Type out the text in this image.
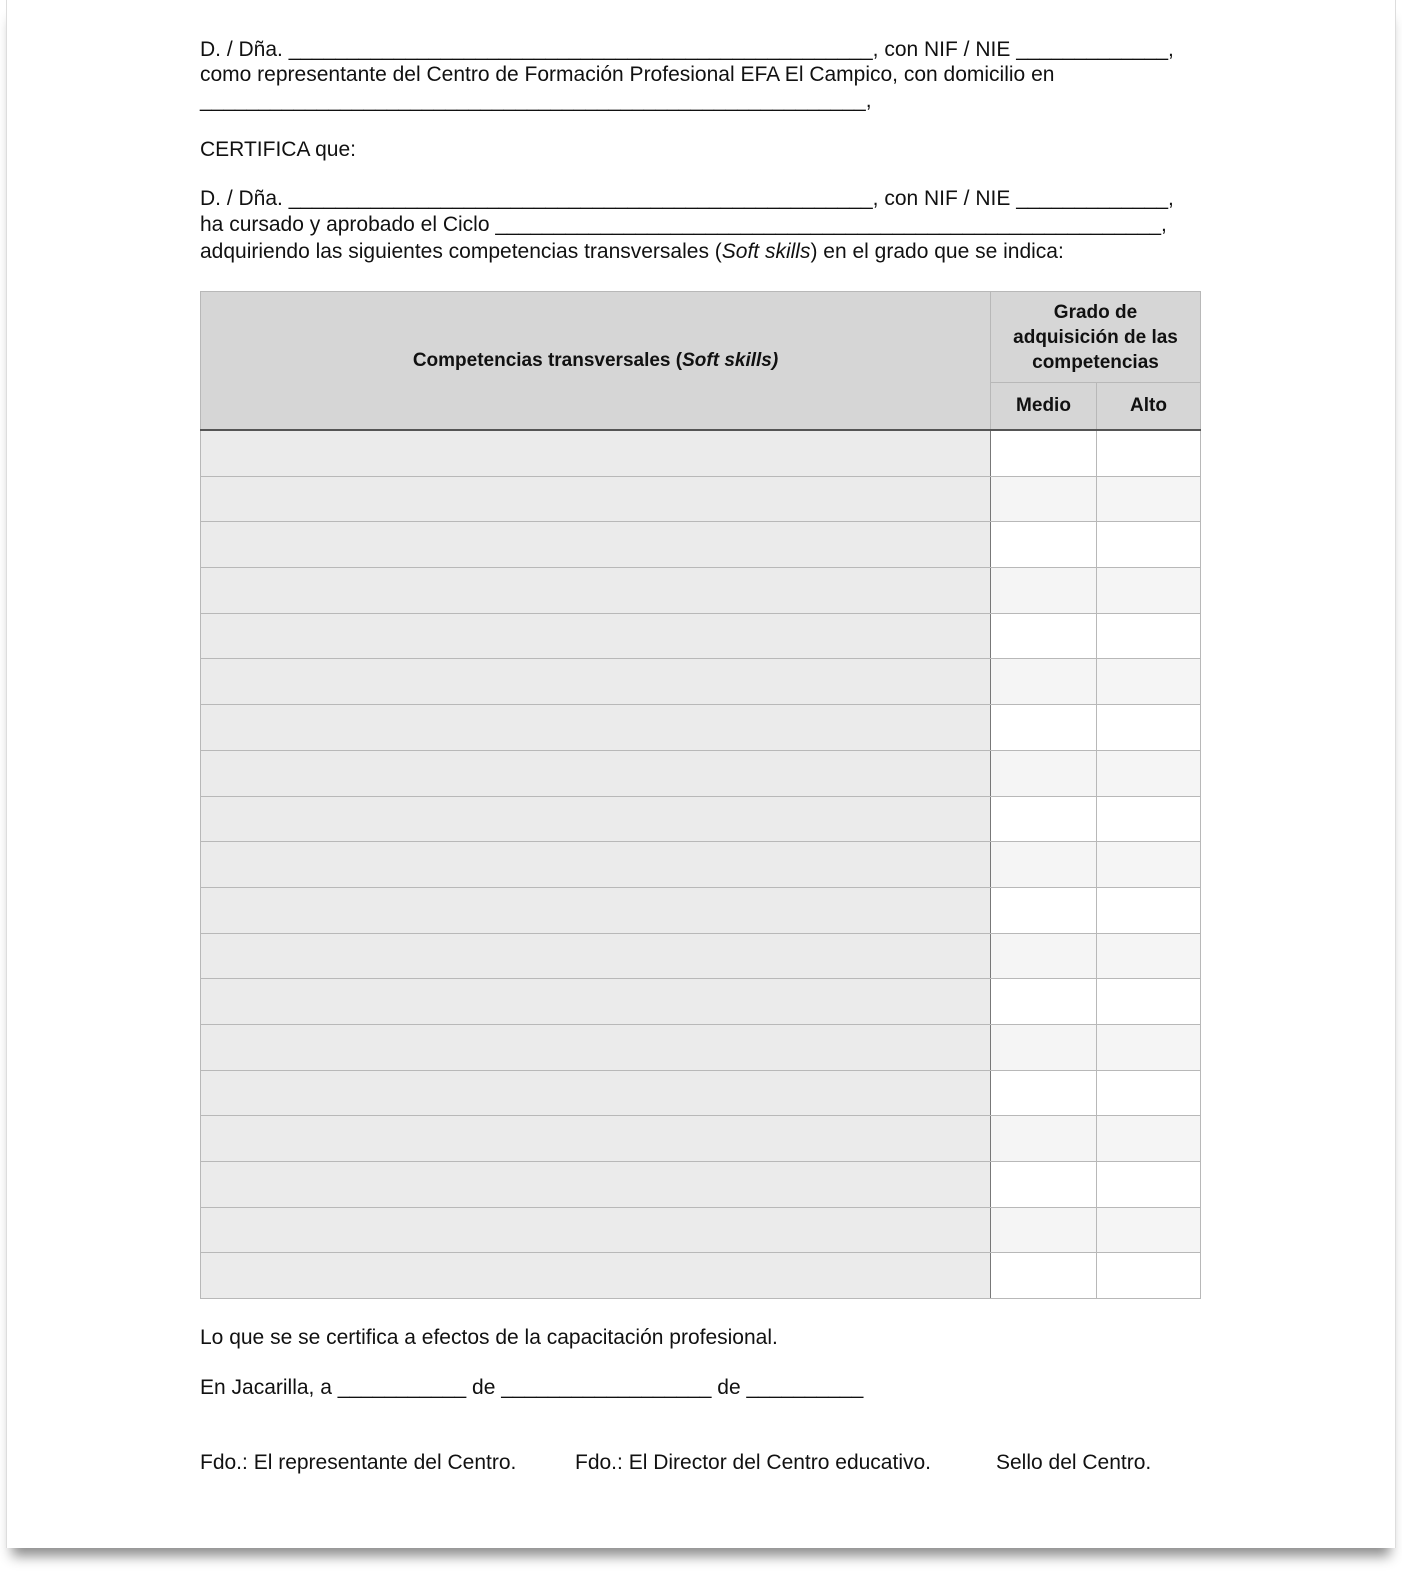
D. / Dña. __________________________________________________, con NIF / NIE _____________,
como representante del Centro de Formación Profesional EFA El Campico, con domicilio en
_________________________________________________________,
CERTIFICA que:
D. / Dña. __________________________________________________, con NIF / NIE _____________,
ha cursado y aprobado el Ciclo _________________________________________________________,
adquiriendo las siguientes competencias transversales (Soft skills) en el grado que se indica:
Competencias transversales (Soft skills)	Grado de adquisición de las competencias	

	Medio	Alto

Lo que se se certifica a efectos de la capacitación profesional.
En Jacarilla, a ___________ de __________________ de __________
Fdo.: El representante del Centro.	Fdo.: El Director del Centro educativo.	Sello del Centro.
